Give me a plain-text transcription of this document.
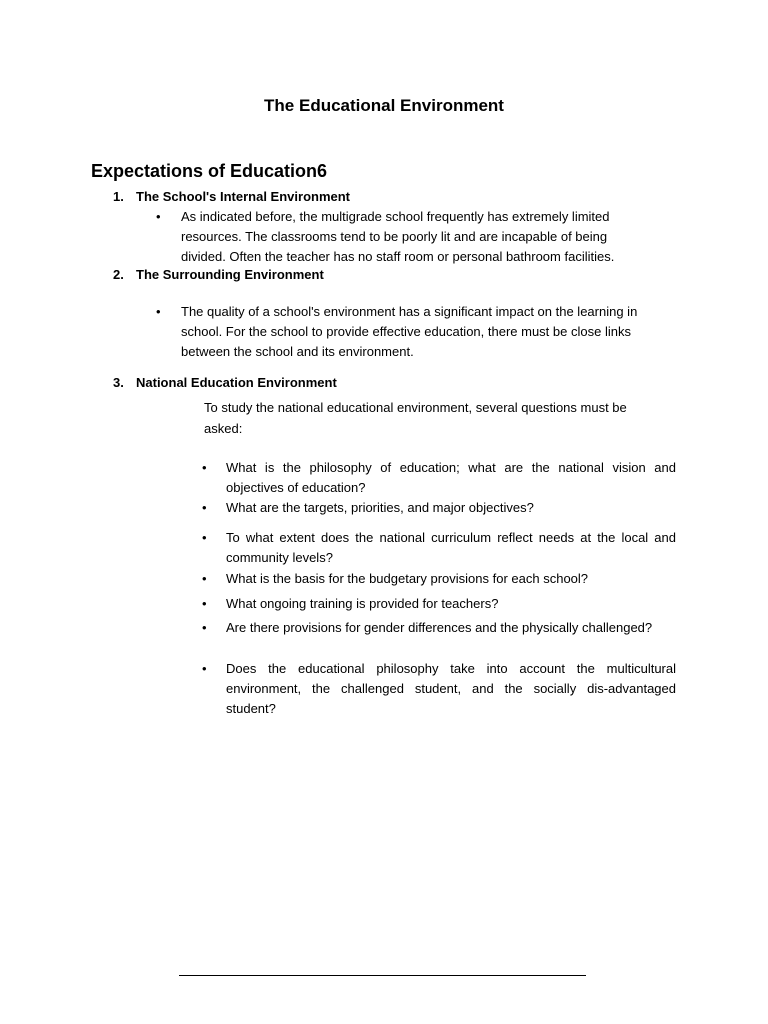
The Educational Environment
Expectations of Education6
1. The School's Internal Environment
• As indicated before, the multigrade school frequently has extremely limited resources. The classrooms tend to be poorly lit and are incapable of being divided. Often the teacher has no staff room or personal bathroom facilities.
2. The Surrounding Environment
• The quality of a school's environment has a significant impact on the learning in school. For the school to provide effective education, there must be close links between the school and its environment.
3. National Education Environment
To study the national educational environment, several questions must be asked:
• What is the philosophy of education; what are the national vision and objectives of education?
• What are the targets, priorities, and major objectives?
• To what extent does the national curriculum reflect needs at the local and community levels?
• What is the basis for the budgetary provisions for each school?
• What ongoing training is provided for teachers?
• Are there provisions for gender differences and the physically challenged?
• Does the educational philosophy take into account the multicultural environment, the challenged student, and the socially dis-advantaged student?
